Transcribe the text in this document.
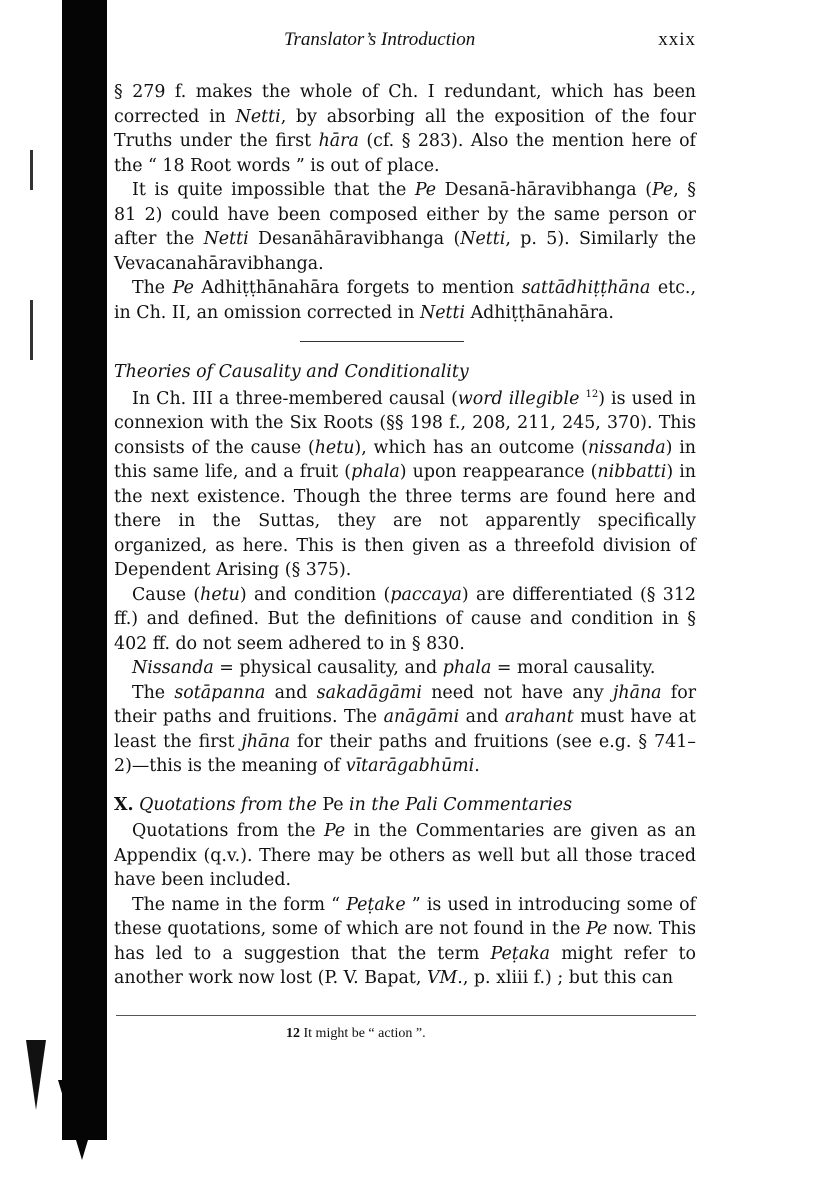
Translator’s Introduction	xxix

§ 279 f. makes the whole of Ch. I redundant, which has been corrected in Netti, by absorbing all the exposition of the four Truths under the first hāra (cf. § 283). Also the mention here of the “ 18 Root words ” is out of place.

It is quite impossible that the Pe Desanā-hāravibhanga (Pe, § 81 2) could have been composed either by the same person or after the Netti Desanāhāravibhanga (Netti, p. 5). Similarly the Vevacanahāravibhanga.

The Pe Adhiṭṭhānahāra forgets to mention sattādhiṭṭhāna etc., in Ch. II, an omission corrected in Netti Adhiṭṭhānahāra.

Theories of Causality and Conditionality

In Ch. III a three-membered causal (word illegible $^{12}$) is used in connexion with the Six Roots (§§ 198 f., 208, 211, 245, 370). This consists of the cause (hetu), which has an outcome (nissanda) in this same life, and a fruit (phala) upon reappearance (nibbatti) in the next existence. Though the three terms are found here and there in the Suttas, they are not apparently specifically organized, as here. This is then given as a threefold division of Dependent Arising (§ 375).

Cause (hetu) and condition (paccaya) are differentiated (§ 312 ff.) and defined. But the definitions of cause and condition in § 402 ff. do not seem adhered to in § 830.

Nissanda = physical causality, and phala = moral causality.

The sotāpanna and sakadāgāmi need not have any jhāna for their paths and fruitions. The anāgāmi and arahant must have at least the first jhāna for their paths and fruitions (see e.g. § 741–2)—this is the meaning of vītarāgabhūmi.

X. Quotations from the Pe in the Pali Commentaries

Quotations from the Pe in the Commentaries are given as an Appendix (q.v.). There may be others as well but all those traced have been included.

The name in the form “ Peṭake ” is used in introducing some of these quotations, some of which are not found in the Pe now. This has led to a suggestion that the term Peṭaka might refer to another work now lost (P. V. Bapat, VM., p. xliii f.) ; but this can

12 It might be “ action ”.
